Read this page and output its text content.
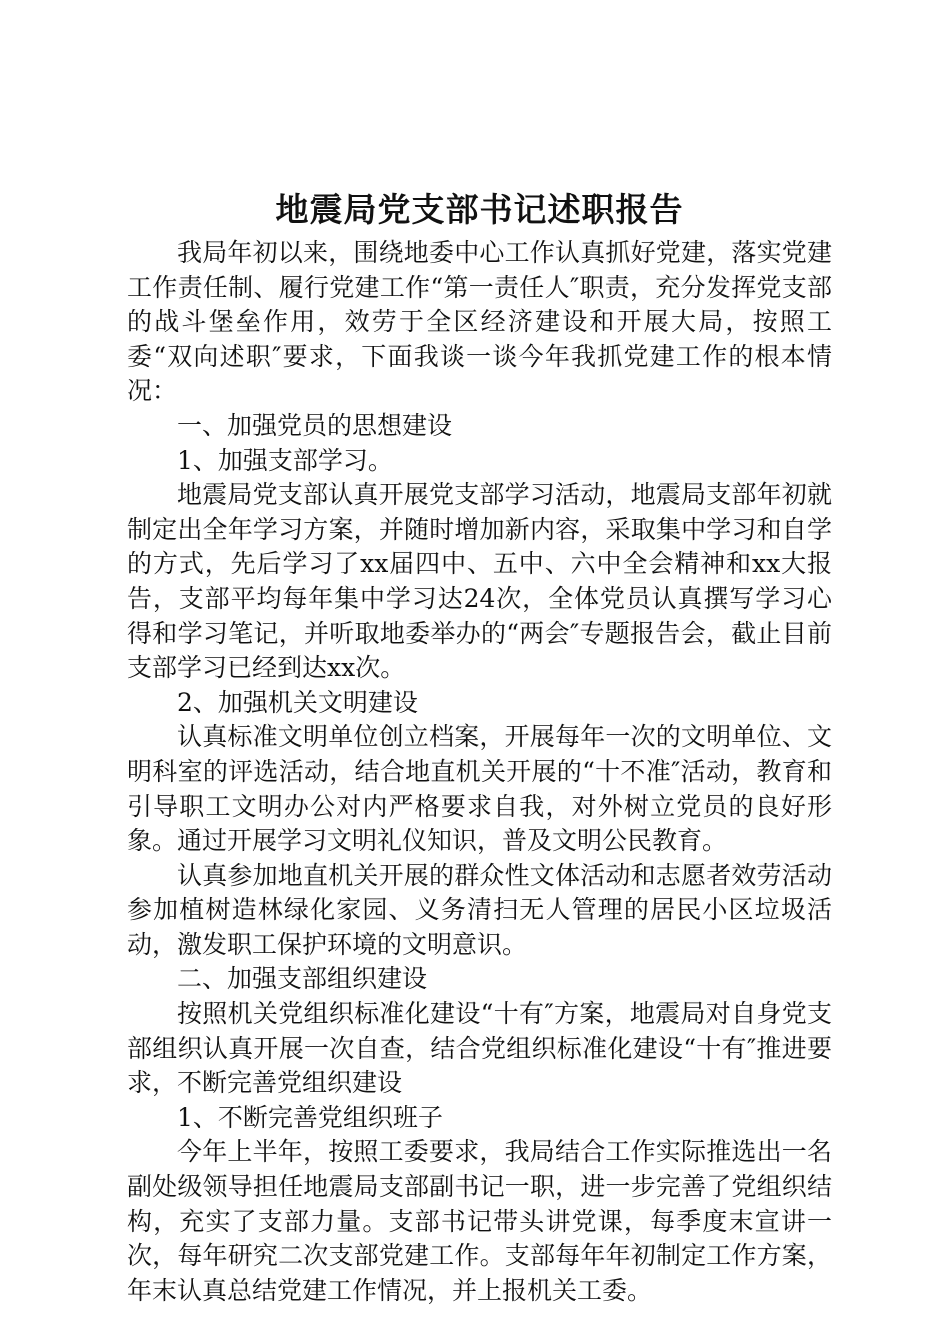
地震局党支部书记述职报告

我局年初以来，围绕地委中心工作认真抓好党建，落实党建工作责任制、履行党建工作“第一责任人″职责，充分发挥党支部的战斗堡垒作用，效劳于全区经济建设和开展大局，按照工委“双向述职″要求，下面我谈一谈今年我抓党建工作的根本情况：

一、加强党员的思想建设

1、加强支部学习。

地震局党支部认真开展党支部学习活动，地震局支部年初就制定出全年学习方案，并随时增加新内容，采取集中学习和自学的方式，先后学习了xx届四中、五中、六中全会精神和xx大报告，支部平均每年集中学习达24次，全体党员认真撰写学习心得和学习笔记，并听取地委举办的“两会″专题报告会，截止目前支部学习已经到达xx次。

2、加强机关文明建设

认真标准文明单位创立档案，开展每年一次的文明单位、文明科室的评选活动，结合地直机关开展的“十不准″活动，教育和引导职工文明办公对内严格要求自我，对外树立党员的良好形象。通过开展学习文明礼仪知识，普及文明公民教育。

认真参加地直机关开展的群众性文体活动和志愿者效劳活动参加植树造林绿化家园、义务清扫无人管理的居民小区垃圾活动，激发职工保护环境的文明意识。

二、加强支部组织建设

按照机关党组织标准化建设“十有″方案，地震局对自身党支部组织认真开展一次自查，结合党组织标准化建设“十有″推进要求，不断完善党组织建设

1、不断完善党组织班子

今年上半年，按照工委要求，我局结合工作实际推选出一名副处级领导担任地震局支部副书记一职，进一步完善了党组织结构，充实了支部力量。支部书记带头讲党课，每季度末宣讲一次，每年研究二次支部党建工作。支部每年年初制定工作方案，年末认真总结党建工作情况，并上报机关工委。
